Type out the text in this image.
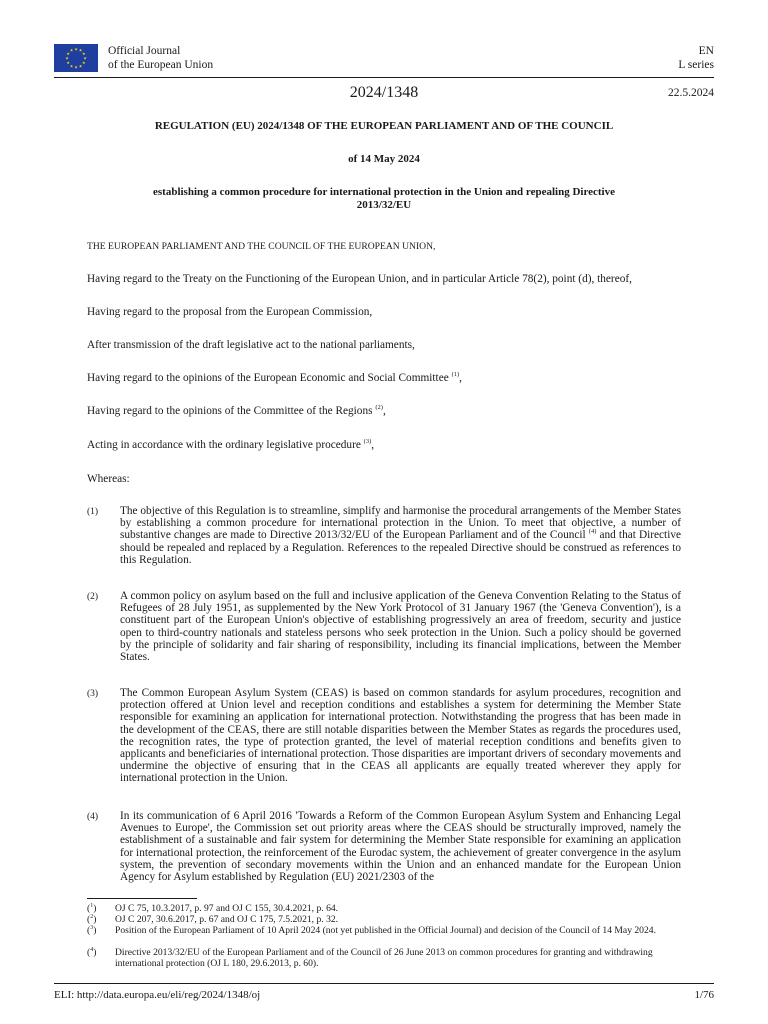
★ ★
★
★
★
★
★
★
★
★
★
★	Official Journal
of the European Union
EN
L series
2024/1348	22.5.2024
REGULATION (EU) 2024/1348 OF THE EUROPEAN PARLIAMENT AND OF THE COUNCIL
of 14 May 2024
establishing a common procedure for international protection in the Union and repealing Directive
2013/32/EU
THE EUROPEAN PARLIAMENT AND THE COUNCIL OF THE EUROPEAN UNION,
Having regard to the Treaty on the Functioning of the European Union, and in particular Article 78(2), point (d), thereof,
Having regard to the proposal from the European Commission,
After transmission of the draft legislative act to the national parliaments,
Having regard to the opinions of the European Economic and Social Committee $^{(1)}$,
Having regard to the opinions of the Committee of the Regions $^{(2)}$,
Acting in accordance with the ordinary legislative procedure $^{(3)}$,
Whereas:
(1) The objective of this Regulation is to streamline, simplify and harmonise the procedural arrangements of the Member States by establishing a common procedure for international protection in the Union. To meet that objective, a number of substantive changes are made to Directive 2013/32/EU of the European Parliament and of the Council $^{(4)}$ and that Directive should be repealed and replaced by a Regulation. References to the repealed Directive should be construed as references to this Regulation.
(2) A common policy on asylum based on the full and inclusive application of the Geneva Convention Relating to the Status of Refugees of 28 July 1951, as supplemented by the New York Protocol of 31 January 1967 (the 'Geneva Convention'), is a constituent part of the European Union's objective of establishing progressively an area of freedom, security and justice open to third-country nationals and stateless persons who seek protection in the Union. Such a policy should be governed by the principle of solidarity and fair sharing of responsibility, including its financial implications, between the Member States.
(3) The Common European Asylum System (CEAS) is based on common standards for asylum procedures, recognition and protection offered at Union level and reception conditions and establishes a system for determining the Member State responsible for examining an application for international protection. Notwithstanding the progress that has been made in the development of the CEAS, there are still notable disparities between the Member States as regards the procedures used, the recognition rates, the type of protection granted, the level of material reception conditions and benefits given to applicants and beneficiaries of international protection. Those disparities are important drivers of secondary movements and undermine the objective of ensuring that in the CEAS all applicants are equally treated wherever they apply for international protection in the Union.
(4) In its communication of 6 April 2016 'Towards a Reform of the Common European Asylum System and Enhancing Legal Avenues to Europe', the Commission set out priority areas where the CEAS should be structurally improved, namely the establishment of a sustainable and fair system for determining the Member State responsible for examining an application for international protection, the reinforcement of the Eurodac system, the achievement of greater convergence in the asylum system, the prevention of secondary movements within the Union and an enhanced mandate for the European Union Agency for Asylum established by Regulation (EU) 2021/2303 of the
($^1$) OJ C 75, 10.3.2017, p. 97 and OJ C 155, 30.4.2021, p. 64.
($^2$) OJ C 207, 30.6.2017, p. 67 and OJ C 175, 7.5.2021, p. 32.
($^3$) Position of the European Parliament of 10 April 2024 (not yet published in the Official Journal) and decision of the Council of 14 May 2024.
($^4$) Directive 2013/32/EU of the European Parliament and of the Council of 26 June 2013 on common procedures for granting and withdrawing international protection (OJ L 180, 29.6.2013, p. 60).
ELI: http://data.europa.eu/eli/reg/2024/1348/oj	1/76
